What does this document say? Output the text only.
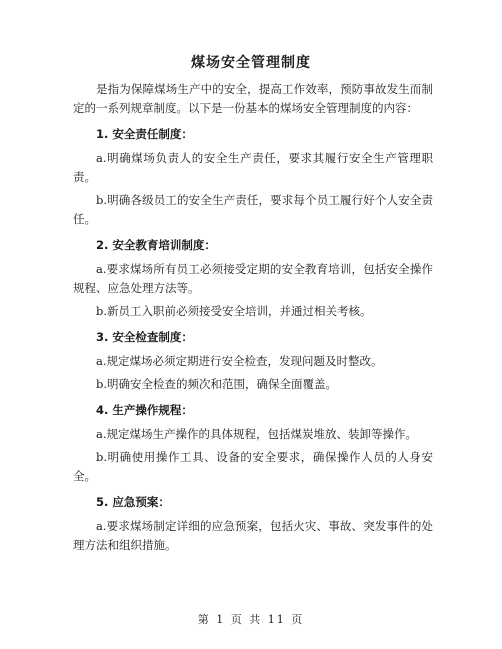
煤场安全管理制度

是指为保障煤场生产中的安全，提高工作效率，预防事故发生而制定的一系列规章制度。以下是一份基本的煤场安全管理制度的内容：

1. 安全责任制度：

a.明确煤场负责人的安全生产责任，要求其履行安全生产管理职责。

b.明确各级员工的安全生产责任，要求每个员工履行好个人安全责任。

2. 安全教育培训制度：

a.要求煤场所有员工必须接受定期的安全教育培训，包括安全操作规程、应急处理方法等。

b.新员工入职前必须接受安全培训，并通过相关考核。

3. 安全检查制度：

a.规定煤场必须定期进行安全检查，发现问题及时整改。

b.明确安全检查的频次和范围，确保全面覆盖。

4. 生产操作规程：

a.规定煤场生产操作的具体规程，包括煤炭堆放、装卸等操作。

b.明确使用操作工具、设备的安全要求，确保操作人员的人身安全。

5. 应急预案：

a.要求煤场制定详细的应急预案，包括火灾、事故、突发事件的处理方法和组织措施。

第 1 页 共 11 页
